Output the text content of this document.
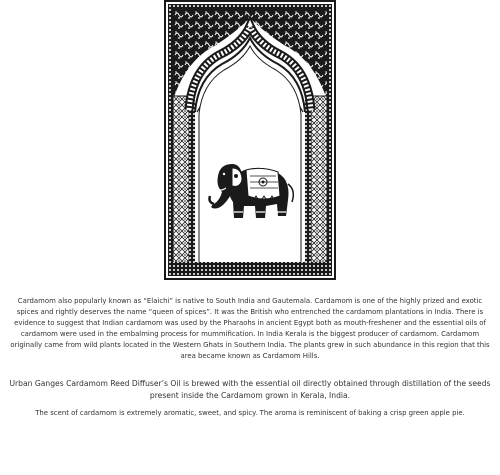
Cardamom also popularly known as “Elaichi” is native to South India and Gautemala. Cardamom is one of the highly prized and exotic spices and rightly deserves the name “queen of spices”. It was the British who entrenched the cardamom plantations in India. There is evidence to suggest that Indian cardamom was used by the Pharaohs in ancient Egypt both as mouth-freshener and the essential oils of cardamom were used in the embalming process for mummification. In India Kerala is the biggest producer of cardamom. Cardamom originally came from wild plants located in the Western Ghats in Southern India. The plants grew in such abundance in this region that this area became known as Cardamom Hills.

Urban Ganges Cardamom Reed Diffuser’s Oil is brewed with the essential oil directly obtained through distillation of the seeds present inside the Cardamom grown in Kerala, India.

The scent of cardamom is extremely aromatic, sweet, and spicy. The aroma is reminiscent of baking a crisp green apple pie.
